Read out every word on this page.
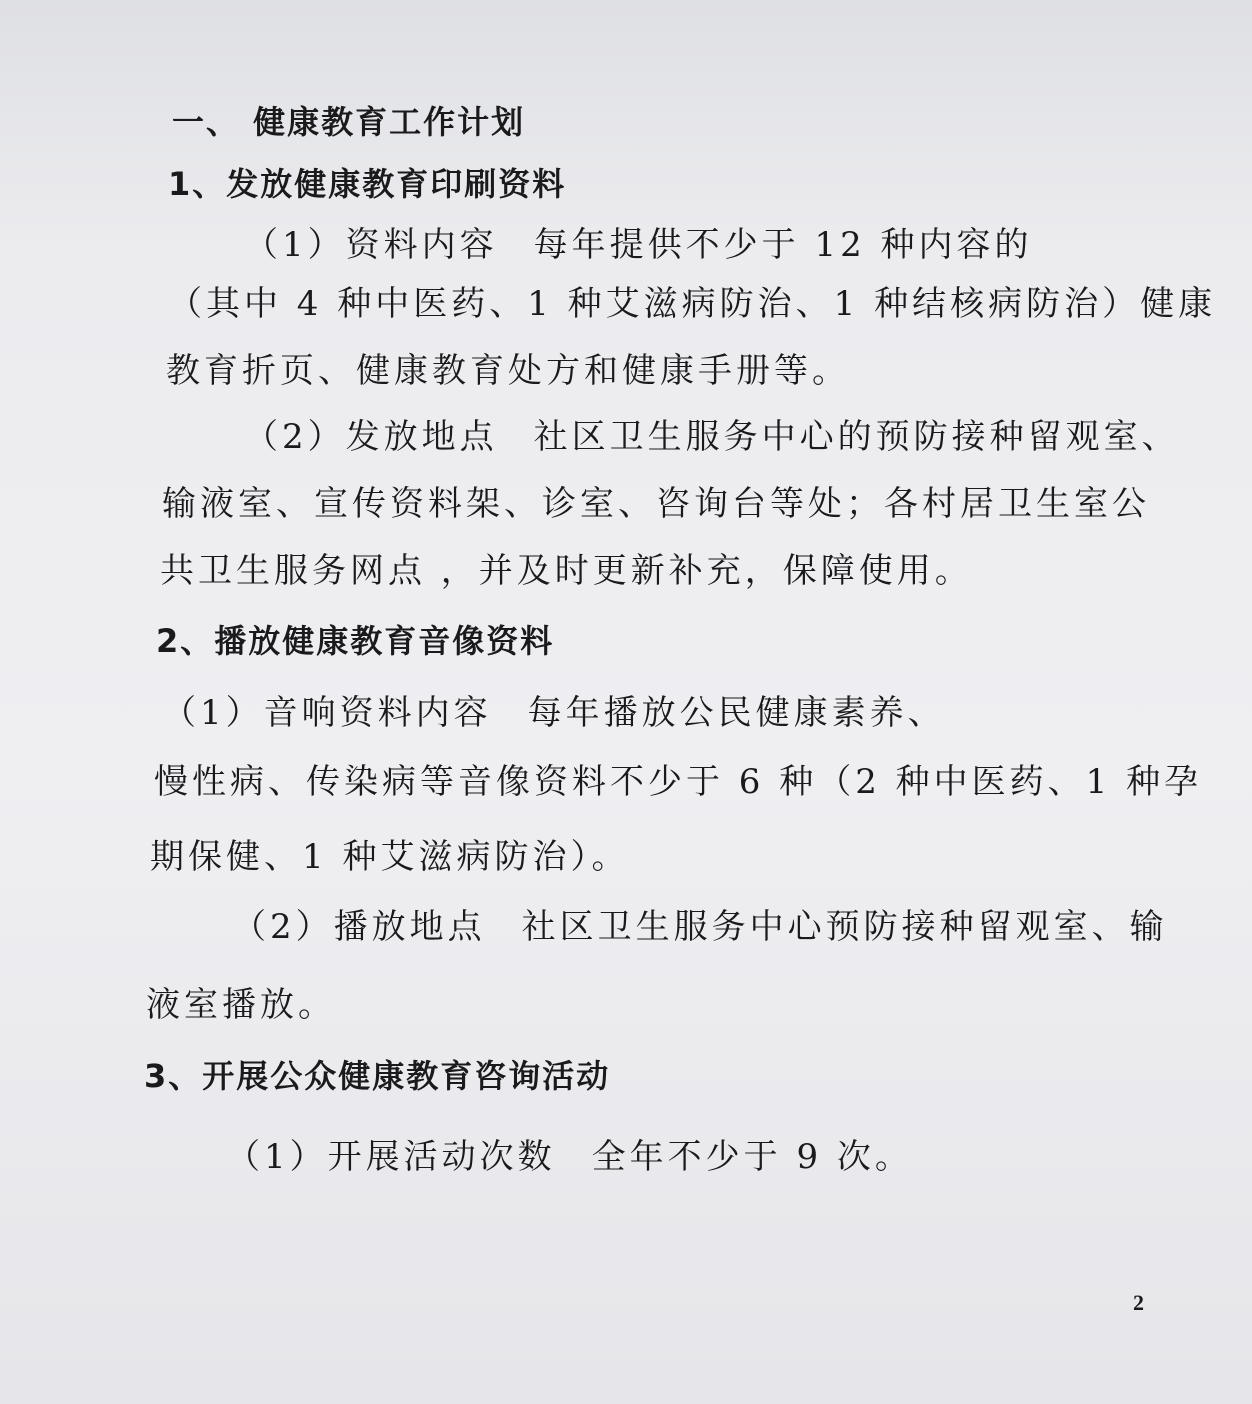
一、 健康教育工作计划
1、发放健康教育印刷资料
（1）资料内容 每年提供不少于 12 种内容的
（其中 4 种中医药、1 种艾滋病防治、1 种结核病防治）健康
教育折页、健康教育处方和健康手册等。
（2）发放地点 社区卫生服务中心的预防接种留观室、
输液室、宣传资料架、诊室、咨询台等处；各村居卫生室公
共卫生服务网点 ，并及时更新补充，保障使用。
2、播放健康教育音像资料
（1）音响资料内容 每年播放公民健康素养、
慢性病、传染病等音像资料不少于 6 种（2 种中医药、1 种孕
期保健、1 种艾滋病防治）。
（2）播放地点 社区卫生服务中心预防接种留观室、输
液室播放。
3、开展公众健康教育咨询活动
（1）开展活动次数 全年不少于 9 次。
2
